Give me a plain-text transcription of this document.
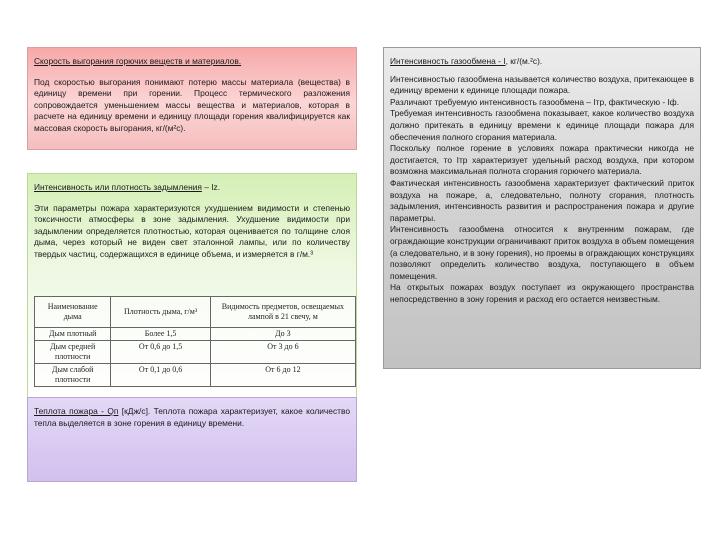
Скорость выгорания горючих веществ и материалов.

Под скоростью выгорания понимают потерю массы материала (вещества) в единицу времени при горении. Процесс термического разложения сопровождается уменьшением массы вещества и материалов, которая в расчете на единицу времени и единицу площади горения квалифицируется как массовая скорость выгорания, кг/(м²с).

Интенсивность или плотность задымления – Iz.

Эти параметры пожара характеризуются ухудшением видимости и степенью токсичности атмосферы в зоне задымления. Ухудшение видимости при задымлении определяется плотностью, которая оценивается по толщине слоя дыма, через который не виден свет эталонной лампы, или по количеству твердых частиц, содержащихся в единице объема, и измеряется в г/м.³

Наименование дыма	Плотность дыма, г/м³	Видимость предметов, освещаемых лампой в 21 свечу, м
Дым плотный	Более 1,5	До 3
Дым средней плотности	От 0,6 до 1,5	От 3 до 6
Дым слабой плотности	От 0,1 до 0,6	От 6 до 12

Теплота пожара - Qп [кДж/с]. Теплота пожара характеризует, какое количество тепла выделяется в зоне горения в единицу времени.

Интенсивность газообмена - I, кг/(м.²с).

Интенсивностью газообмена называется количество воздуха, притекающее в единицу времени к единице площади пожара.

Различают требуемую интенсивность газообмена – Iтр, фактическую - Iф.

Требуемая интенсивность газообмена показывает, какое количество воздуха должно притекать в единицу времени к единице площади пожара для обеспечения полного сгорания материала.

Поскольку полное горение в условиях пожара практически никогда не достигается, то Iтр характеризует удельный расход воздуха, при котором возможна максимальная полнота сгорания горючего материала.

Фактическая интенсивность газообмена характеризует фактический приток воздуха на пожаре, а, следовательно, полноту сгорания, плотность задымления, интенсивность развития и распространения пожара и другие параметры.

Интенсивность газообмена относится к внутренним пожарам, где ограждающие конструкции ограничивают приток воздуха в объем помещения (а следовательно, и в зону горения), но проемы в ограждающих конструкциях позволяют определить количество воздуха, поступающего в объем помещения.

На открытых пожарах воздух поступает из окружающего пространства непосредственно в зону горения и расход его остается неизвестным.
